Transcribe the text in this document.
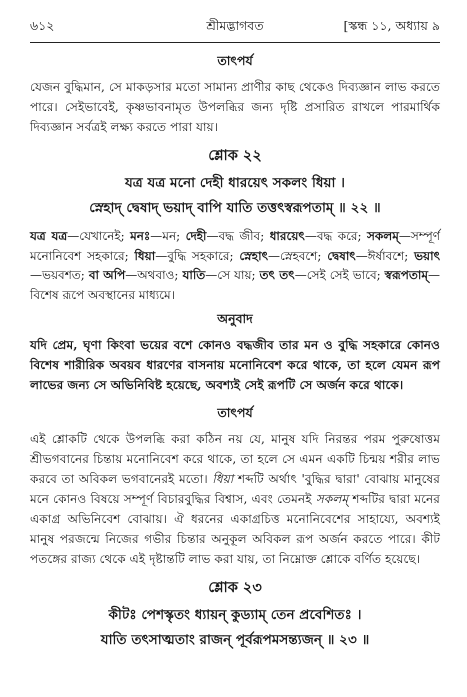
৬১২	শ্রীমদ্ভাগবত	[স্কন্ধ ১১, অধ্যায় ৯
তাৎপর্য

যেজন বুদ্ধিমান, সে মাকড়সার মতো সামান্য প্রাণীর কাছ থেকেও দিব্যজ্ঞান লাভ করতে পারে। সেইভাবেই, কৃষ্ণভাবনামৃত উপলব্ধির জন্য দৃষ্টি প্রসারিত রাখলে পারমার্থিক দিব্যজ্ঞান সর্বত্রই লক্ষ্য করতে পারা যায়।

শ্লোক ২২

যত্র যত্র মনো দেহী ধারয়েৎ সকলং ধিয়া ।

স্নেহাদ্ দ্বেষাদ্ ভয়াদ্ বাপি যাতি তত্তৎস্বরূপতাম্ ॥ ২২ ॥

যত্র যত্র—যেখানেই; মনঃ—মন; দেহী—বদ্ধ জীব; ধারয়েৎ—বদ্ধ করে; সকলম্—সম্পূর্ণ মনোনিবেশ সহকারে; ধিয়া—বুদ্ধি সহকারে; স্নেহাৎ—স্নেহবশে; দ্বেষাৎ—ঈর্ষাবশে; ভয়াৎ—ভয়বশত; বা অপি—অথবাও; যাতি—সে যায়; তৎ তৎ—সেই সেই ভাবে; স্বরূপতাম্—বিশেষ রূপে অবস্থানের মাধ্যমে।

অনুবাদ

যদি প্রেম, ঘৃণা কিংবা ভয়ের বশে কোনও বদ্ধজীব তার মন ও বুদ্ধি সহকারে কোনও বিশেষ শারীরিক অবয়ব ধারণের বাসনায় মনোনিবেশ করে থাকে, তা হলে যেমন রূপ লাভের জন্য সে অভিনিবিষ্ট হয়েছে, অবশ্যই সেই রূপটি সে অর্জন করে থাকে।

তাৎপর্য

এই শ্লোকটি থেকে উপলব্ধি করা কঠিন নয় যে, মানুষ যদি নিরন্তর পরম পুরুষোত্তম শ্রীভগবানের চিন্তায় মনোনিবেশ করে থাকে, তা হলে সে এমন একটি চিন্ময় শরীর লাভ করবে তা অবিকল ভগবানেরই মতো। ধিয়া শব্দটি অর্থাৎ 'বুদ্ধির দ্বারা' বোঝায় মানুষের মনে কোনও বিষয়ে সম্পূর্ণ বিচারবুদ্ধির বিশ্বাস, এবং তেমনই সকলম্ শব্দটির দ্বারা মনের একাগ্র অভিনিবেশ বোঝায়। ঐ ধরনের একাগ্রচিত্ত মনোনিবেশের সাহায্যে, অবশ্যই মানুষ পরজন্মে নিজের গভীর চিন্তার অনুকূল অবিকল রূপ অর্জন করতে পারে। কীট পতঙ্গের রাজ্য থেকে এই দৃষ্টান্তটি লাভ করা যায়, তা নিম্নোক্ত শ্লোকে বর্ণিত হয়েছে।

শ্লোক ২৩

কীটঃ পেশস্কৃতং ধ্যায়ন্ কুড্যাম্ তেন প্রবেশিতঃ ।

যাতি তৎসাত্মতাং রাজন্ পূর্বরূপমসন্ত্যজন্ ॥ ২৩ ॥
